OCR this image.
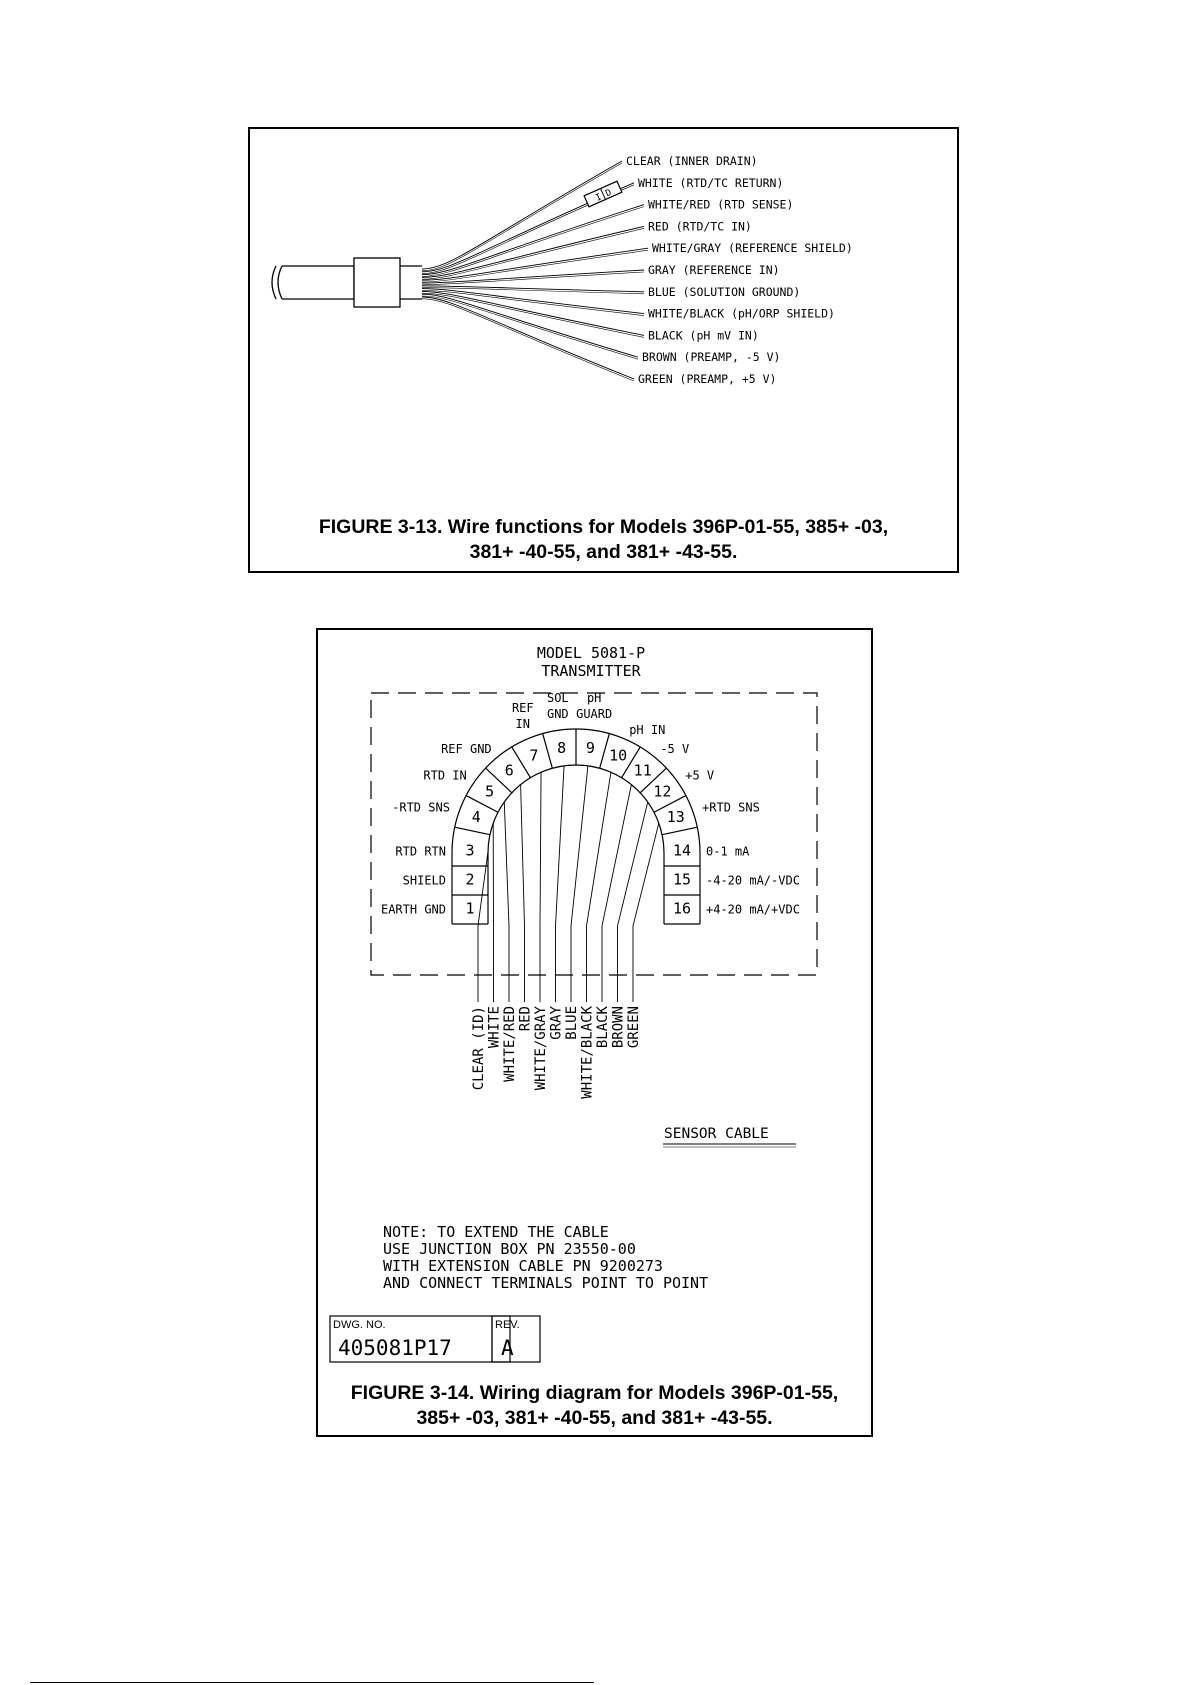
I D
CLEAR (INNER DRAIN)
WHITE (RTD/TC RETURN)
WHITE/RED (RTD SENSE)
RED (RTD/TC IN)
WHITE/GRAY (REFERENCE SHIELD)
GRAY (REFERENCE IN)
BLUE (SOLUTION GROUND)
WHITE/BLACK (pH/ORP SHIELD)
BLACK (pH mV IN)
BROWN (PREAMP, -5 V)
GREEN (PREAMP, +5 V)
FIGURE 3-13. Wire functions for Models 396P-01-55, 385+ -03,
381+ -40-55, and 381+ -43-55.
MODEL 5081-P
TRANSMITTER
1
EARTH GND
2
SHIELD
3
RTD RTN
4
-RTD SNS
5
RTD IN	6
REF GND	7
REF
IN
8
SOL
GND
9
pH
GUARD
10
pH IN
11
-5 V
12
+5 V
13
+RTD SNS
14 0-1 mA
15 -4-20 mA/-VDC
16 +4-20 mA/+VDC
CLEAR (ID) WHITE WHITE/RED RED WHITE/GRAY GRAY BLUE WHITE/BLACK BLACK BROWN GREEN
SENSOR CABLE
NOTE: TO EXTEND THE CABLE
USE JUNCTION BOX PN 23550-00
WITH EXTENSION CABLE PN 9200273
AND CONNECT TERMINALS POINT TO POINT
DWG. NO.
405081P17
REV.
A
FIGURE 3-14. Wiring diagram for Models 396P-01-55,
385+ -03, 381+ -40-55, and 381+ -43-55.
